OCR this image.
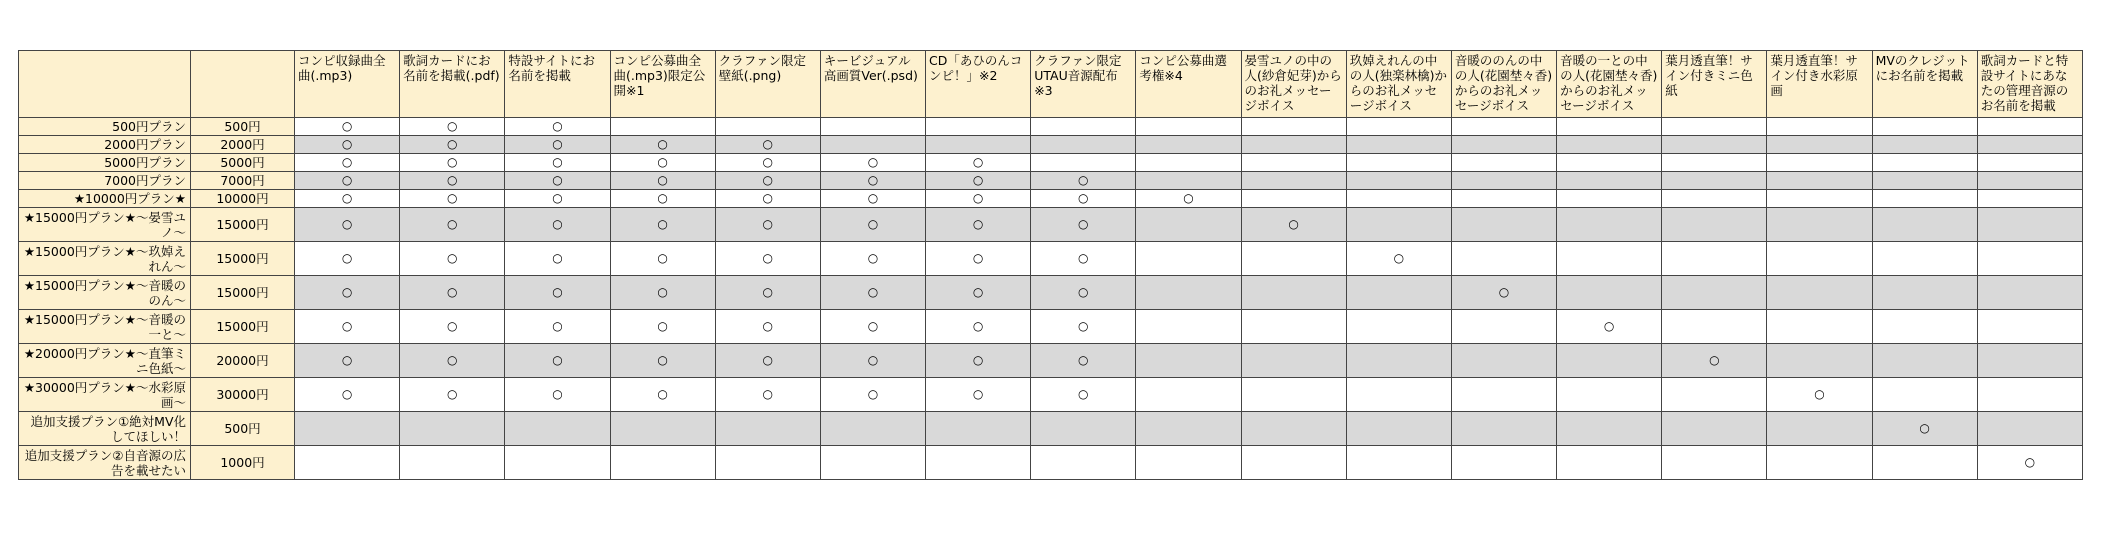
		コンピ収録曲全曲(.mp3)	歌詞カードにお名前を掲載(.pdf)	特設サイトにお名前を掲載	コンピ公募曲全曲(.mp3)限定公開※1	クラファン限定壁紙(.png)	キービジュアル高画質Ver(.psd)	CD「あひのんコンピ！」※2	クラファン限定UTAU音源配布※3	コンピ公募曲選考権※4	晏雪ユノの中の人(紗倉妃芽)からのお礼メッセージボイス	玖婥えれんの中の人(独楽林檎)からのお礼メッセージボイス	音暖ののんの中の人(花園埜々香)からのお礼メッセージボイス	音暖の一との中の人(花園埜々香)からのお礼メッセージボイス	葉月透直筆！サイン付きミニ色紙	葉月透直筆！サイン付き水彩原画	MVのクレジットにお名前を掲載	歌詞カードと特設サイトにあなたの管理音源のお名前を掲載
500円プラン	500円	○	○	○														
2000円プラン	2000円	○	○	○	○	○												
5000円プラン	5000円	○	○	○	○	○	○	○										
7000円プラン	7000円	○	○	○	○	○	○	○	○									
★10000円プラン★	10000円	○	○	○	○	○	○	○	○	○								
★15000円プラン★～晏雪ユノ～	15000円	○	○	○	○	○	○	○	○		○							
★15000円プラン★～玖婥えれん～	15000円	○	○	○	○	○	○	○	○			○						
★15000円プラン★～音暖ののん～	15000円	○	○	○	○	○	○	○	○				○					
★15000円プラン★～音暖の一と～	15000円	○	○	○	○	○	○	○	○					○				
★20000円プラン★～直筆ミニ色紙～	20000円	○	○	○	○	○	○	○	○						○			
★30000円プラン★～水彩原画～	30000円	○	○	○	○	○	○	○	○							○		
追加支援プラン①絶対MV化してほしい！	500円																○	
追加支援プラン②自音源の広告を載せたい	1000円																	○
